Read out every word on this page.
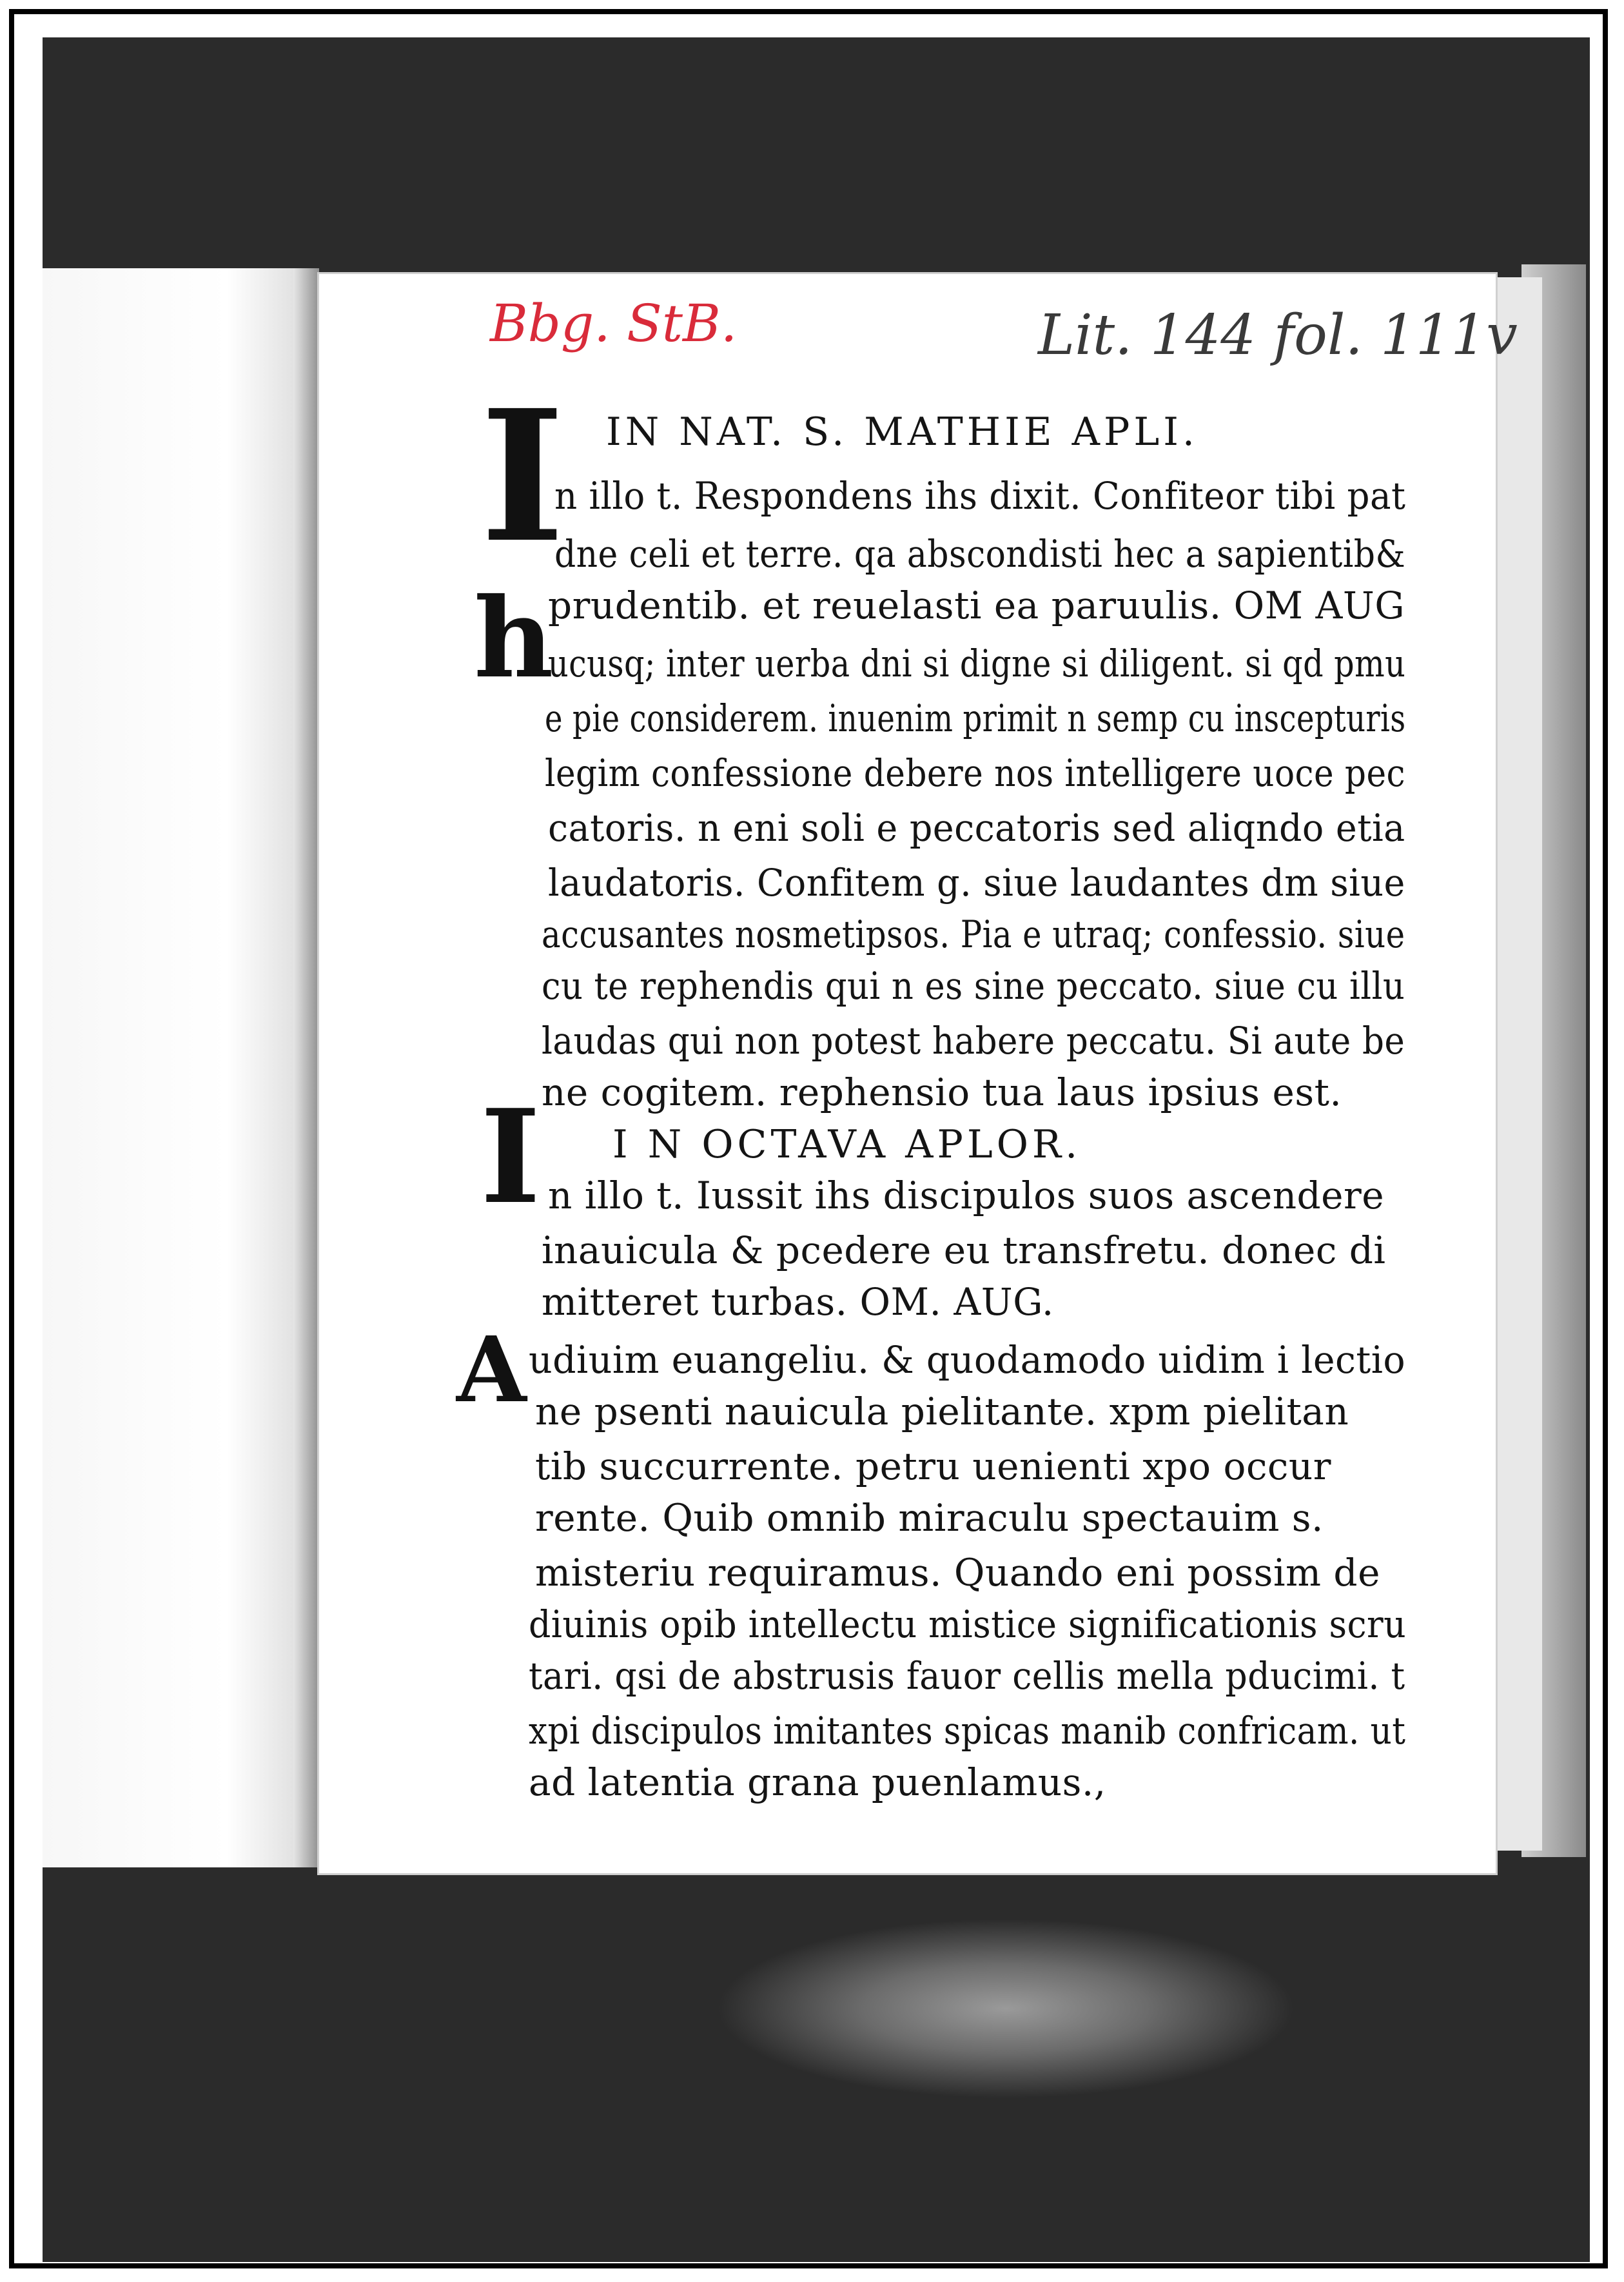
Bbg. StB.	Lit. 144 fol. 111v
I
h
I
A
IN NAT. S. MATHIE APLI.
n illo t. Respondens ihs dixit. Confiteor tibi pat
dne celi et terre. qa abscondisti hec a sapientib&
prudentib. et reuelasti ea paruulis. OM AUG
ucusq; inter uerba dni si digne si diligent. si qd pmu
e pie considerem. inuenim primit n semp cu inscepturis
legim confessione debere nos intelligere uoce pec
catoris. n eni soli e peccatoris sed aliqndo etia
laudatoris. Confitem g. siue laudantes dm siue
accusantes nosmetipsos. Pia e utraq; confessio. siue
cu te rephendis qui n es sine peccato. siue cu illu
laudas qui non potest habere peccatu. Si aute be
ne cogitem. rephensio tua laus ipsius est.
I N OCTAVA APLOR.
n illo t. Iussit ihs discipulos suos ascendere
inauicula & pcedere eu transfretu. donec di
mitteret turbas. OM. AUG.
udiuim euangeliu. & quodamodo uidim i lectio
ne psenti nauicula pielitante. xpm pielitan
tib succurrente. petru uenienti xpo occur
rente. Quib omnib miraculu spectauim s.
misteriu requiramus. Quando eni possim de
diuinis opib intellectu mistice significationis scru
tari. qsi de abstrusis fauor cellis mella pducimi. t
xpi discipulos imitantes spicas manib confricam. ut
ad latentia grana puenlamus.,
